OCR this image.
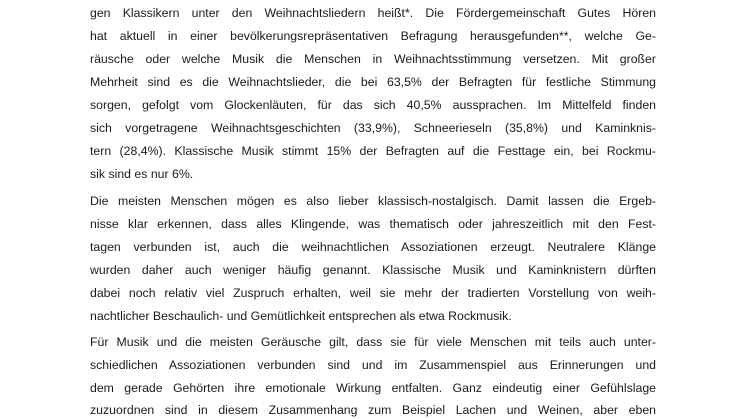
gen Klassikern unter den Weihnachtsliedern heißt*. Die Fördergemeinschaft Gutes Hören
hat aktuell in einer bevölkerungsrepräsentativen Befragung herausgefunden**, welche Ge-
räusche oder welche Musik die Menschen in Weihnachtsstimmung versetzen. Mit großer
Mehrheit sind es die Weihnachtslieder, die bei 63,5% der Befragten für festliche Stimmung
sorgen, gefolgt vom Glockenläuten, für das sich 40,5% aussprachen. Im Mittelfeld finden
sich vorgetragene Weihnachtsgeschichten (33,9%), Schneerieseln (35,8%) und Kaminknis-
tern (28,4%). Klassische Musik stimmt 15% der Befragten auf die Festtage ein, bei Rockmu-
sik sind es nur 6%.
Die meisten Menschen mögen es also lieber klassisch-nostalgisch. Damit lassen die Ergeb-
nisse klar erkennen, dass alles Klingende, was thematisch oder jahreszeitlich mit den Fest-
tagen verbunden ist, auch die weihnachtlichen Assoziationen erzeugt. Neutralere Klänge
wurden daher auch weniger häufig genannt. Klassische Musik und Kaminknistern dürften
dabei noch relativ viel Zuspruch erhalten, weil sie mehr der tradierten Vorstellung von weih-
nachtlicher Beschaulich- und Gemütlichkeit entsprechen als etwa Rockmusik.
Für Musik und die meisten Geräusche gilt, dass sie für viele Menschen mit teils auch unter-
schiedlichen Assoziationen verbunden sind und im Zusammenspiel aus Erinnerungen und
dem gerade Gehörten ihre emotionale Wirkung entfalten. Ganz eindeutig einer Gefühlslage
zuzuordnen sind in diesem Zusammenhang zum Beispiel Lachen und Weinen, aber eben
